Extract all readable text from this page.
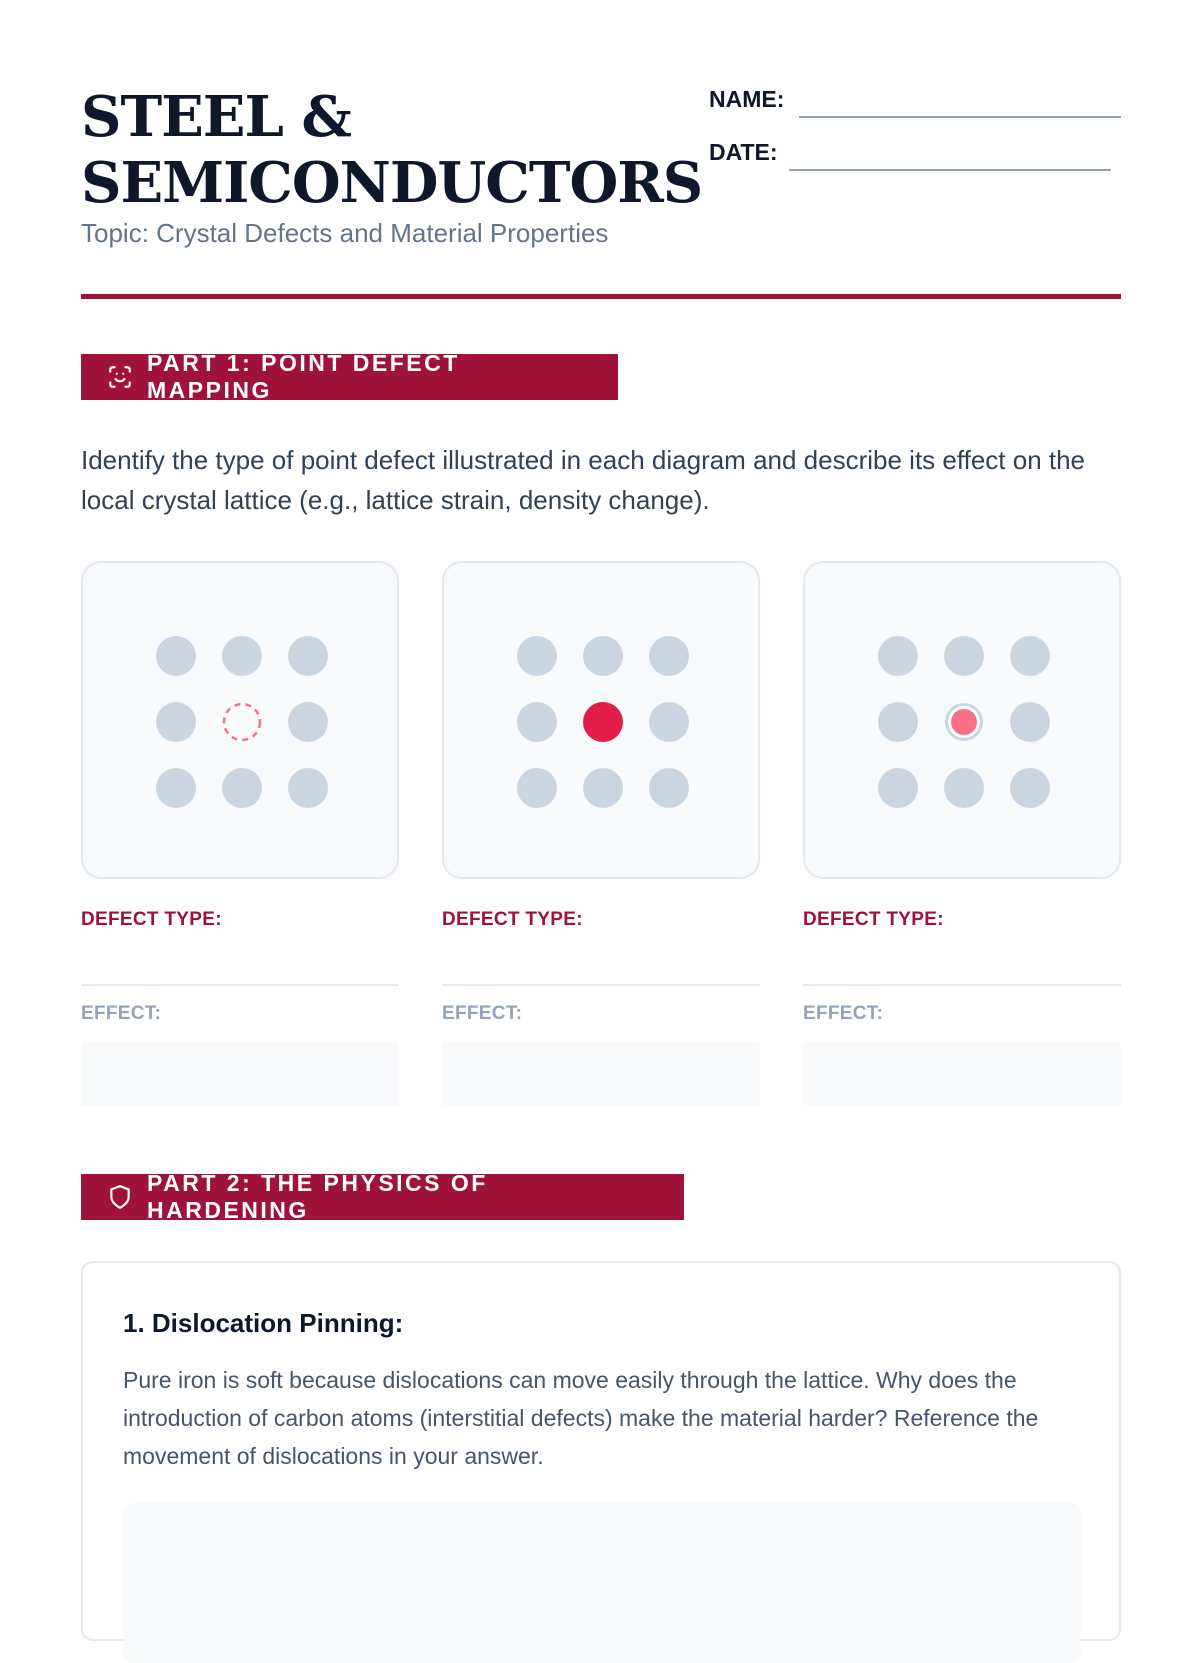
STEEL &
SEMICONDUCTORS
Topic: Crystal Defects and Material Properties
NAME:
DATE:
PART 1: POINT DEFECT MAPPING
Identify the type of point defect illustrated in each diagram and describe its effect on the local crystal lattice (e.g., lattice strain, density change).
DEFECT TYPE:	DEFECT TYPE:	DEFECT TYPE:
EFFECT:	EFFECT:	EFFECT:
PART 2: THE PHYSICS OF HARDENING
1. Dislocation Pinning:
Pure iron is soft because dislocations can move easily through the lattice. Why does the introduction of carbon atoms (interstitial defects) make the material harder? Reference the movement of dislocations in your answer.
